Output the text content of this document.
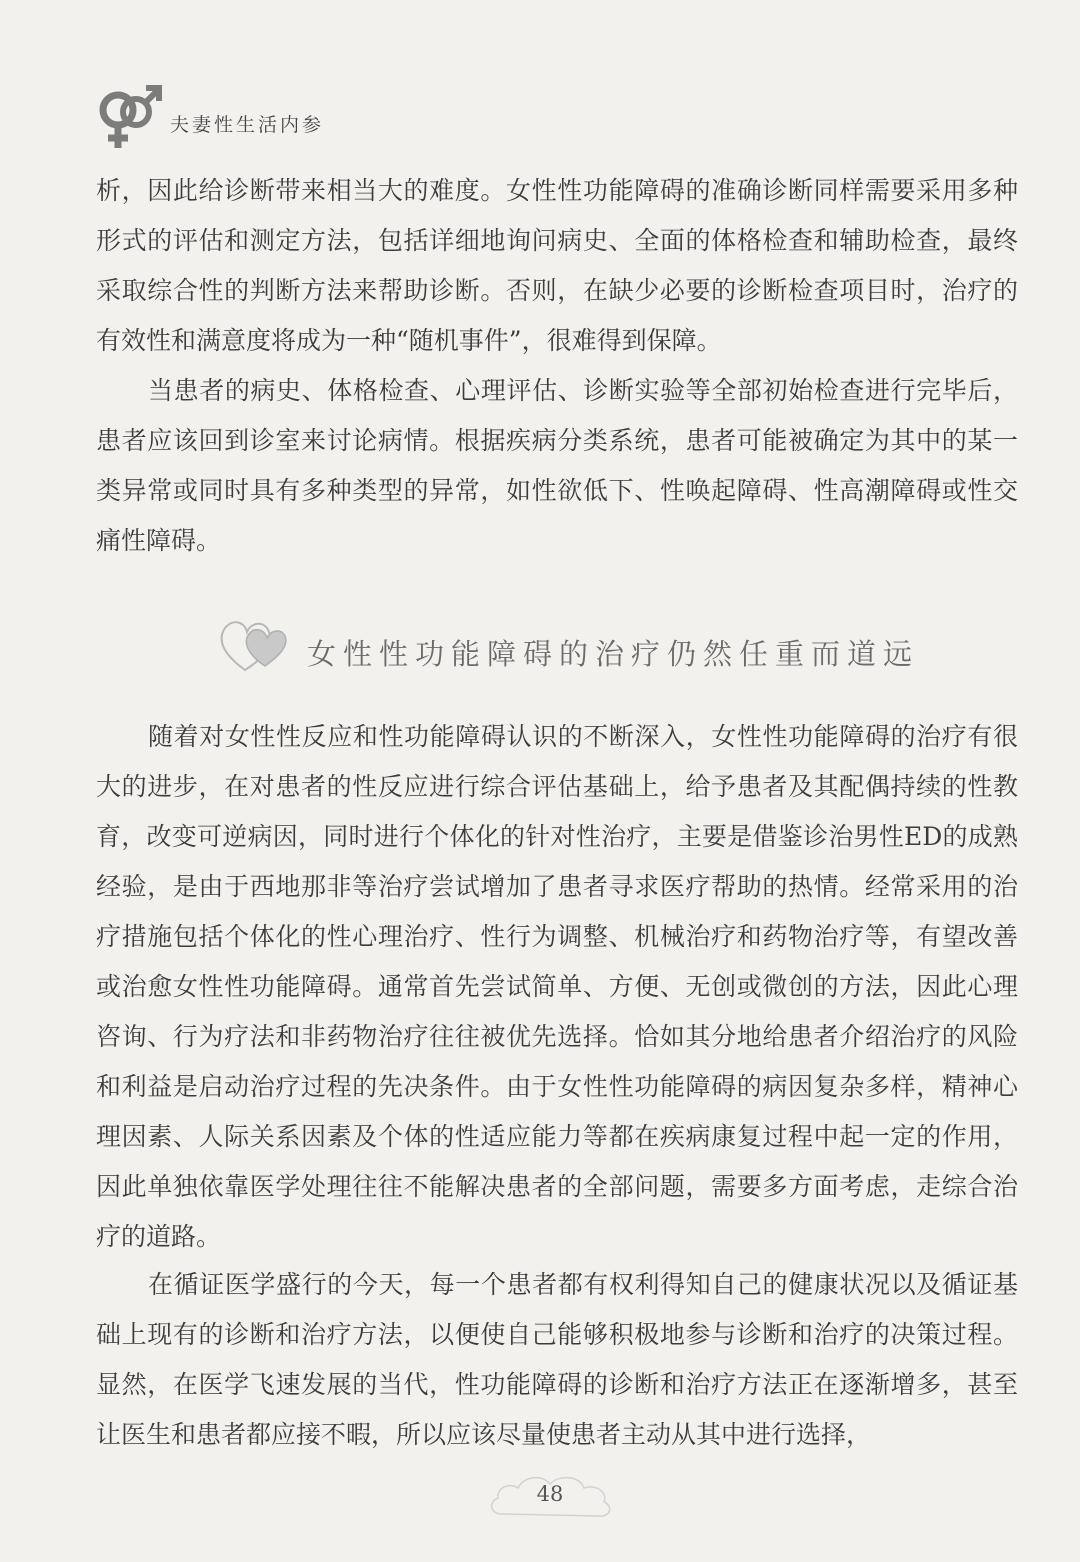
夫妻性生活内参

析，因此给诊断带来相当大的难度。女性性功能障碍的准确诊断同样需要采用多种形式的评估和测定方法，包括详细地询问病史、全面的体格检查和辅助检查，最终采取综合性的判断方法来帮助诊断。否则，在缺少必要的诊断检查项目时，治疗的有效性和满意度将成为一种“随机事件”，很难得到保障。

当患者的病史、体格检查、心理评估、诊断实验等全部初始检查进行完毕后，患者应该回到诊室来讨论病情。根据疾病分类系统，患者可能被确定为其中的某一类异常或同时具有多种类型的异常，如性欲低下、性唤起障碍、性高潮障碍或性交痛性障碍。

女性性功能障碍的治疗仍然任重而道远

随着对女性性反应和性功能障碍认识的不断深入，女性性功能障碍的治疗有很大的进步，在对患者的性反应进行综合评估基础上，给予患者及其配偶持续的性教育，改变可逆病因，同时进行个体化的针对性治疗，主要是借鉴诊治男性ED的成熟经验，是由于西地那非等治疗尝试增加了患者寻求医疗帮助的热情。经常采用的治疗措施包括个体化的性心理治疗、性行为调整、机械治疗和药物治疗等，有望改善或治愈女性性功能障碍。通常首先尝试简单、方便、无创或微创的方法，因此心理咨询、行为疗法和非药物治疗往往被优先选择。恰如其分地给患者介绍治疗的风险和利益是启动治疗过程的先决条件。由于女性性功能障碍的病因复杂多样，精神心理因素、人际关系因素及个体的性适应能力等都在疾病康复过程中起一定的作用，因此单独依靠医学处理往往不能解决患者的全部问题，需要多方面考虑，走综合治疗的道路。

在循证医学盛行的今天，每一个患者都有权利得知自己的健康状况以及循证基础上现有的诊断和治疗方法，以便使自己能够积极地参与诊断和治疗的决策过程。显然，在医学飞速发展的当代，性功能障碍的诊断和治疗方法正在逐渐增多，甚至让医生和患者都应接不暇，所以应该尽量使患者主动从其中进行选择，

48
